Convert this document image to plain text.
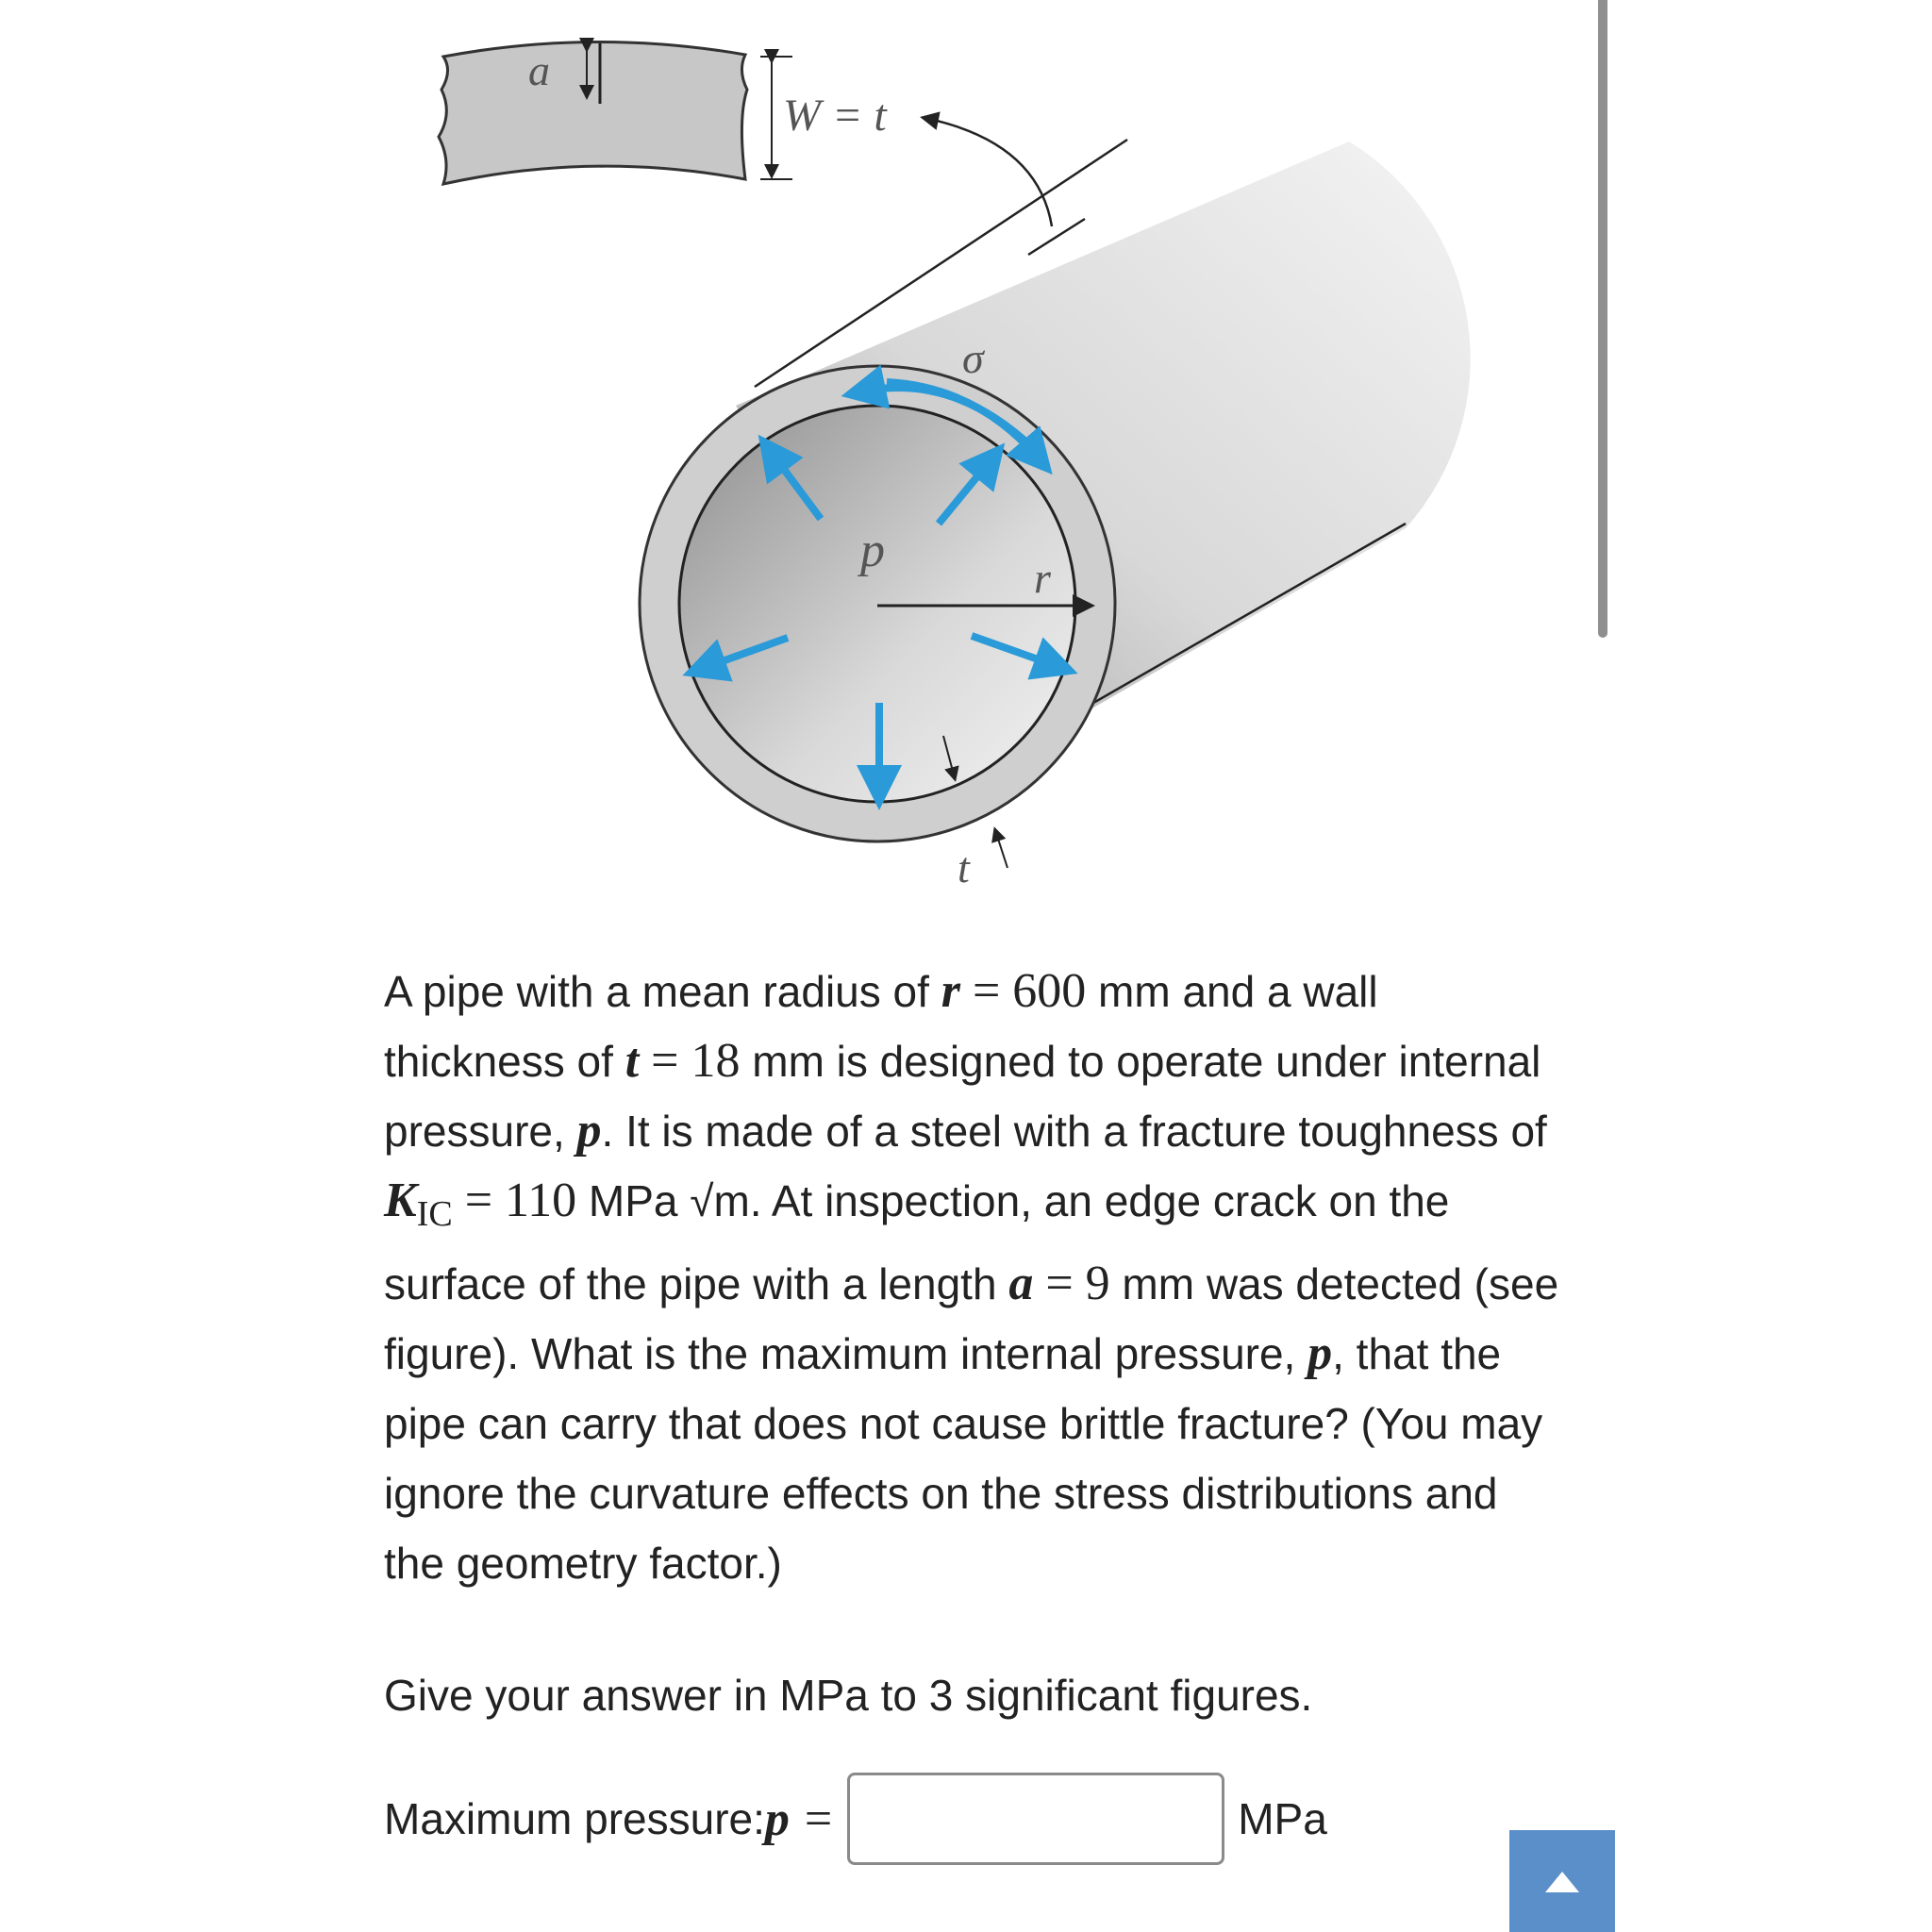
a
W = t
σ
p
r
t

A pipe with a mean radius of r = 600 mm and a wall thickness of t = 18 mm is designed to operate under internal pressure, p. It is made of a steel with a fracture toughness of $K_{IC} = 110$ MPa √m. At inspection, an edge crack on the surface of the pipe with a length a = 9 mm was detected (see figure). What is the maximum internal pressure, p, that the pipe can carry that does not cause brittle fracture? (You may ignore the curvature effects on the stress distributions and the geometry factor.)

Give your answer in MPa to 3 significant figures.
Maximum pressure: p =	MPa
